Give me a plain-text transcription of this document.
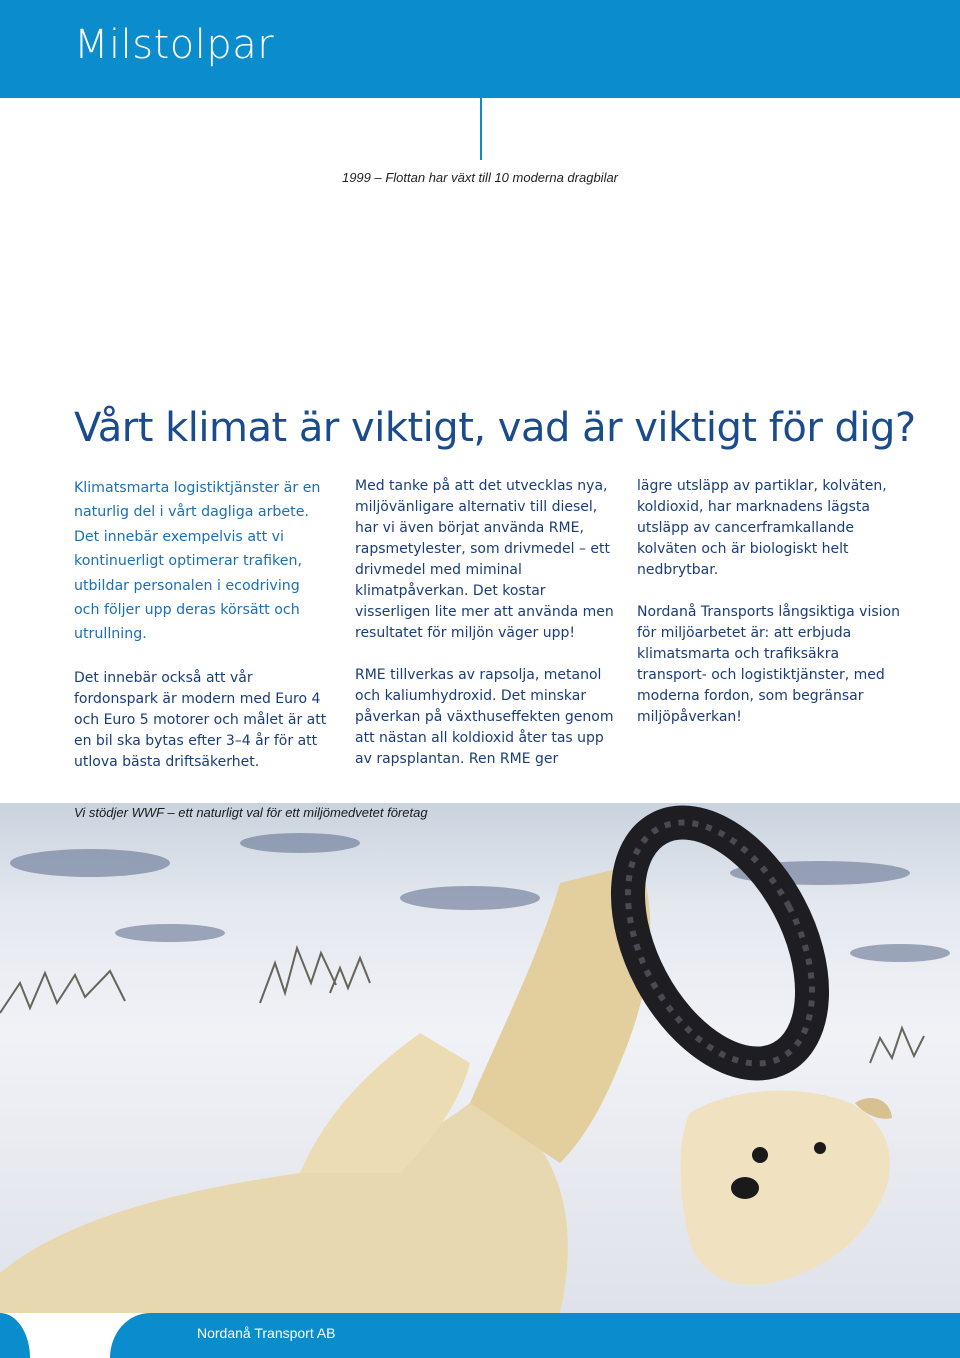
Milstolpar
1999 – Flottan har växt till 10 moderna dragbilar
Vårt klimat är viktigt, vad är viktigt för dig?

Klimatsmarta logistiktjänster är en naturlig del i vårt dagliga arbete. Det innebär exempelvis att vi kontinuerligt optimerar trafiken, utbildar personalen i ecodriving och följer upp deras körsätt och utrullning.

Det innebär också att vår fordonspark är modern med Euro 4 och Euro 5 motorer och målet är att en bil ska bytas efter 3–4 år för att utlova bästa driftsäkerhet.

Med tanke på att det utvecklas nya, miljövänligare alternativ till diesel, har vi även börjat använda RME, rapsmetylester, som drivmedel – ett drivmedel med miminal klimatpåverkan. Det kostar visserligen lite mer att använda men resultatet för miljön väger upp!

RME tillverkas av rapsolja, metanol och kaliumhydroxid. Det minskar påverkan på växthuseffekten genom att nästan all koldioxid åter tas upp av rapsplantan. Ren RME ger

lägre utsläpp av partiklar, kolväten, koldioxid, har marknadens lägsta utsläpp av cancerframkallande kolväten och är biologiskt helt nedbrytbar.

Nordanå Transports långsiktiga vision för miljöarbetet är: att erbjuda klimatsmarta och trafiksäkra transport- och logistiktjänster, med moderna fordon, som begränsar miljöpåverkan!

Vi stödjer WWF – ett naturligt val för ett miljömedvetet företag
Nordanå Transport AB
